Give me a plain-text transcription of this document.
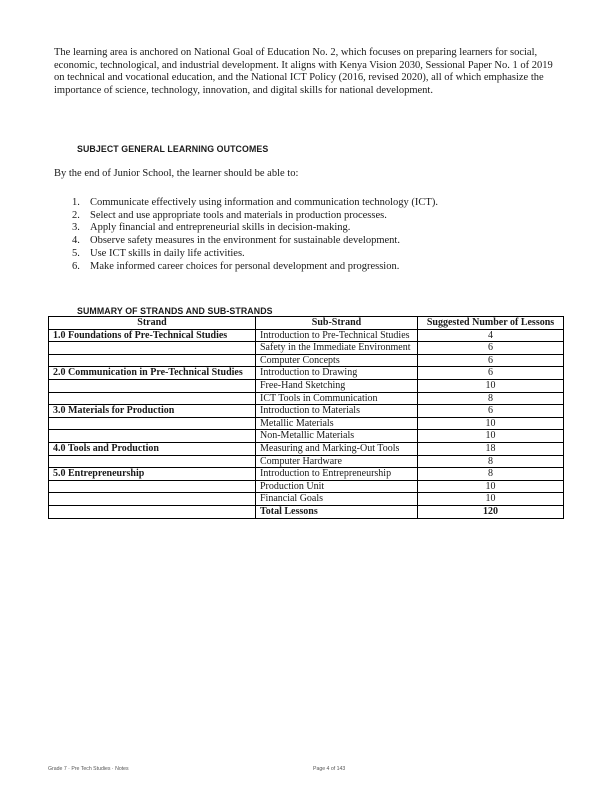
The learning area is anchored on National Goal of Education No. 2, which focuses on preparing learners for social, economic, technological, and industrial development. It aligns with Kenya Vision 2030, Sessional Paper No. 1 of 2019 on technical and vocational education, and the National ICT Policy (2016, revised 2020), all of which emphasize the importance of science, technology, innovation, and digital skills for national development.

SUBJECT GENERAL LEARNING OUTCOMES

By the end of Junior School, the learner should be able to:

1. Communicate effectively using information and communication technology (ICT).
2. Select and use appropriate tools and materials in production processes.
3. Apply financial and entrepreneurial skills in decision-making.
4. Observe safety measures in the environment for sustainable development.
5. Use ICT skills in daily life activities.
6. Make informed career choices for personal development and progression.
SUMMARY OF STRANDS AND SUB-STRANDS
Strand	Sub-Strand	Suggested Number of Lessons
1.0 Foundations of Pre-Technical Studies	Introduction to Pre-Technical Studies	4
	Safety in the Immediate Environment	6
	Computer Concepts	6
2.0 Communication in Pre-Technical Studies	Introduction to Drawing	6
	Free-Hand Sketching	10
	ICT Tools in Communication	8
3.0 Materials for Production	Introduction to Materials	6
	Metallic Materials	10
	Non-Metallic Materials	10
4.0 Tools and Production	Measuring and Marking-Out Tools	18
	Computer Hardware	8
5.0 Entrepreneurship	Introduction to Entrepreneurship	8
	Production Unit	10
	Financial Goals	10
	Total Lessons	120
Grade 7 · Pre Tech Studies · Notes	Page 4 of 143
